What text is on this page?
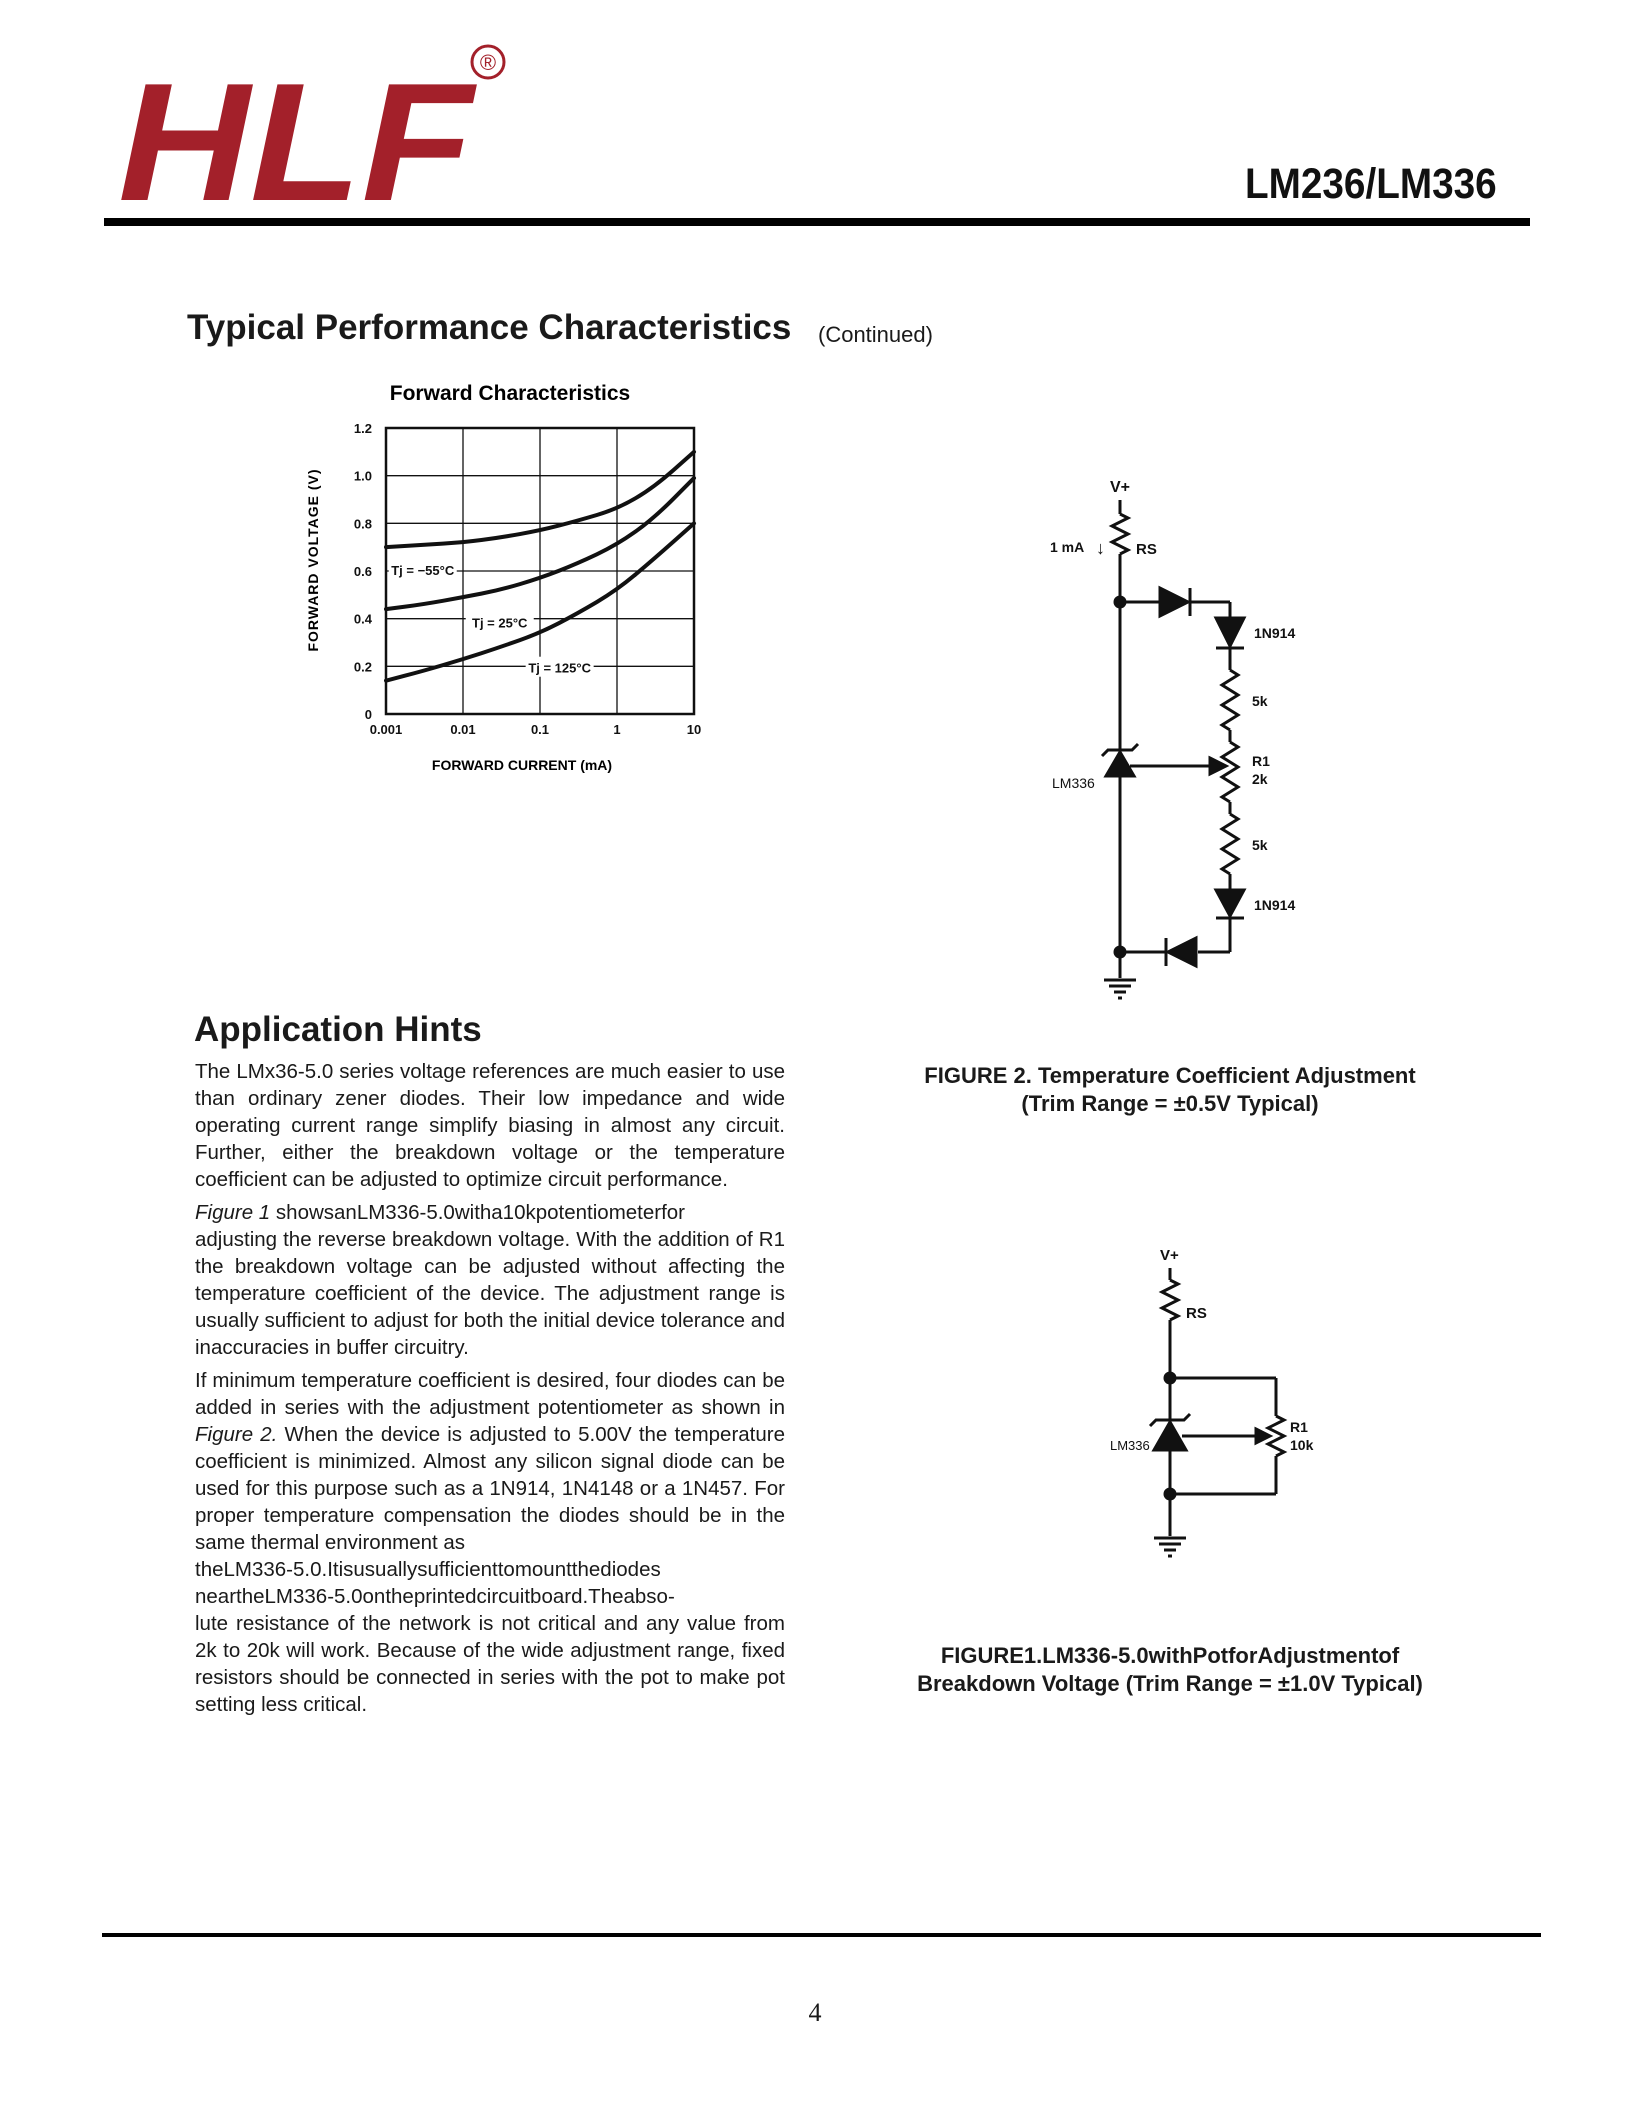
HLF ®
LM236/LM336
Typical Performance Characteristics (Continued)
Forward Characteristics
Tj = −55°C
Tj = 25°C
Tj = 125°C
0.001	0.01	0.1	1	10
0
0.2
0.4
0.6
0.8
1.0
1.2
FORWARD CURRENT (mA)
FORWARD VOLTAGE (V)	V+
1 mA ↓ RS
1N914
5k
R1
2k
5k
1N914
LM336
FIGURE 2. Temperature Coefficient Adjustment
(Trim Range = ±0.5V Typical)
V+
RS
R1
10k
LM336
FIGURE1.LM336-5.0withPotforAdjustmentof
Breakdown Voltage (Trim Range = ±1.0V Typical)
Application Hints

The LMx36-5.0 series voltage references are much easier to use than ordinary zener diodes. Their low impedance and wide operating current range simplify biasing in almost any circuit. Further, either the breakdown voltage or the temperature coefficient can be adjusted to optimize circuit performance.

Figure 1 showsanLM336-5.0witha10kpotentiometerfor
adjusting the reverse breakdown voltage. With the addition of R1 the breakdown voltage can be adjusted without affecting the temperature coefficient of the device. The adjustment range is usually sufficient to adjust for both the initial device tolerance and inaccuracies in buffer circuitry.

If minimum temperature coefficient is desired, four diodes can be added in series with the adjustment potentiometer as shown in Figure 2. When the device is adjusted to 5.00V the temperature coefficient is minimized. Almost any silicon signal diode can be used for this purpose such as a 1N914, 1N4148 or a 1N457. For proper temperature compensation the diodes should be in the same thermal environment as
theLM336-5.0.Itisusuallysufficienttomountthediodes
neartheLM336-5.0ontheprintedcircuitboard.Theabso-
lute resistance of the network is not critical and any value from 2k to 20k will work. Because of the wide adjustment range, fixed resistors should be connected in series with the pot to make pot setting less critical.

4
